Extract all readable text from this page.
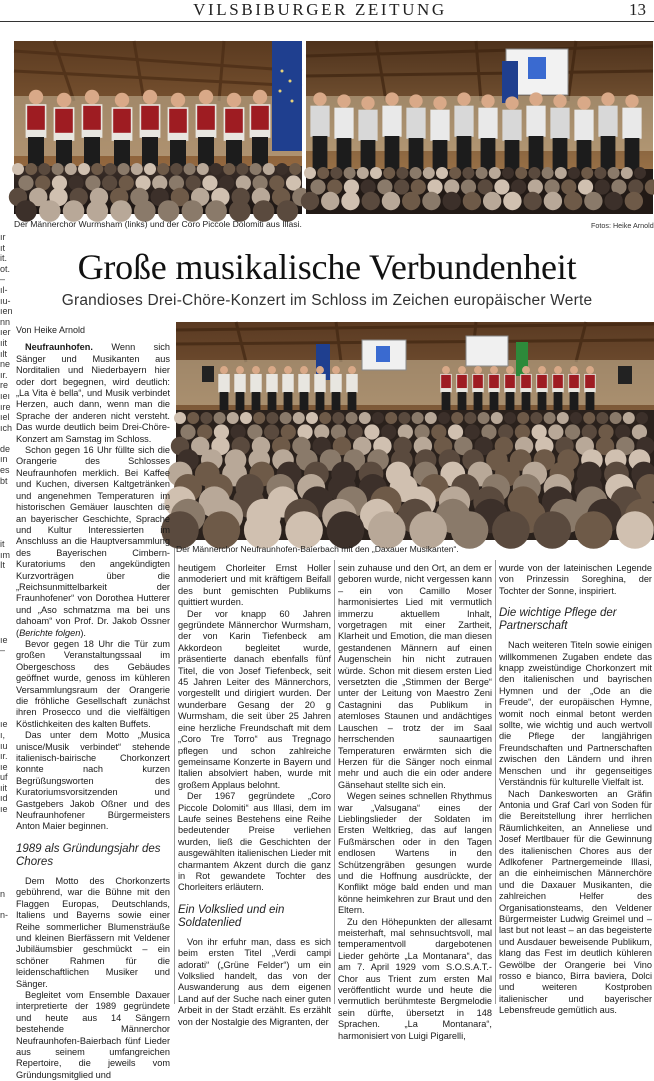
VILSBIBURGER ZEITUNG	13
ır
ıt
it.
ot.
–
ıl-
ıu-
ıen
nn
ıer
ıit
ılt
ne
ır.
re
ıeı
ıre
ıel
ıch

de
ın
es
bt

it
ım
It

ıe
–

ıe
ı,
ıu
ır.
ıe
uf
ıit
ıd
ıe

n

n-

Der Männerchor Wurmsham (links) und der Coro Piccole Dolomiti aus Illasi.	Fotos: Heike Arnold
Große musikalische Verbundenheit
Grandioses Drei-Chöre-Konzert im Schloss im Zeichen europäischer Werte
Der Männerchor Neufraunhofen-Baierbach mit den „Daxauer Musikanten“.

Von Heike Arnold

Neufraunhofen. Wenn sich Sänger und Musikanten aus Norditalien und Niederbayern hier oder dort begegnen, wird deutlich: „La Vita è bella“, und Musik verbindet Herzen, auch dann, wenn man die Sprache der anderen nicht versteht. Das wurde deutlich beim Drei-Chöre-Konzert am Samstag im Schloss.

Schon gegen 16 Uhr füllte sich die Orangerie des Schlosses Neufraunhofen merklich. Bei Kaffee und Kuchen, diversen Kaltgetränken und angenehmen Temperaturen im historischen Gemäuer lauschten die an bayerischer Geschichte, Sprache und Kultur Interessierten im Anschluss an die Hauptversammlung des Bayerischen Cimbern-Kuratoriums den angekündigten Kurzvorträgen über die „Reichsunmittelbarkeit der Fraunhofener“ von Dorothea Hutterer und „Aso schmatzma ma bei uns dahoam“ von Prof. Dr. Jakob Ossner (Berichte folgen).

Bevor gegen 18 Uhr die Tür zum großen Veranstaltungssaal im Obergeschoss des Gebäudes geöffnet wurde, genoss im kühleren Versammlungsraum der Orangerie die fröhliche Gesellschaft zunächst ihren Prosecco und die vielfältigen Köstlichkeiten des kalten Buffets.

Das unter dem Motto „Musica unisce/Musik verbindet“ stehende italienisch-bairische Chorkonzert konnte nach kurzen Begrüßungsworten des Kuratoriumsvorsitzenden und Gastgebers Jakob Oßner und des Neufraunhofener Bürgermeisters Anton Maier beginnen.

1989 als Gründungsjahr des Chores

Dem Motto des Chorkonzerts gebührend, war die Bühne mit den Flaggen Europas, Deutschlands, Italiens und Bayerns sowie einer Reihe sommerlicher Blumensträuße und kleinen Bierfässern mit Veldener Jubiläumsbier geschmückt – ein schöner Rahmen für die leidenschaftlichen Musiker und Sänger.

Begleitet vom Ensemble Daxauer interpretierte der 1989 gegründete und heute aus 14 Sängern bestehende Männerchor Neufraunhofen-Baierbach fünf Lieder aus seinem umfangreichen Repertoire, die jeweils vom Gründungsmitglied und

heutigem Chorleiter Ernst Holler anmoderiert und mit kräftigem Beifall des bunt gemischten Publikums quittiert wurden.

Der vor knapp 60 Jahren gegründete Männerchor Wurmsham, der von Karin Tiefenbeck am Akkordeon begleitet wurde, präsentierte danach ebenfalls fünf Titel, die von Josef Tiefenbeck, seit 45 Jahren Leiter des Männerchors, vorgestellt und dirigiert wurden. Der wunderbare Gesang der 20 g Wurmsham, die seit über 25 Jahren eine herzliche Freundschaft mit dem „Coro Tre Torro“ aus Tregnago pflegen und schon zahlreiche gemeinsame Konzerte in Bayern und Italien absolviert haben, wurde mit großem Applaus belohnt.

Der 1967 gegründete „Coro Piccole Dolomiti“ aus Illasi, dem im Laufe seines Bestehens eine Reihe bedeutender Preise verliehen wurden, ließ die Geschichten der ausgewählten italienischen Lieder mit charmantem Akzent durch die ganz in Rot gewandete Tochter des Chorleiters erläutern.

Ein Volkslied und ein Soldatenlied

Von ihr erfuhr man, dass es sich beim ersten Titel „Verdi campi adorati“ („Grüne Felder“) um ein Volkslied handelt, das von der Auswanderung aus dem eigenen Land auf der Suche nach einer guten Arbeit in der Stadt erzählt. Es erzählt von der Nostalgie des Migranten, der

sein zuhause und den Ort, an dem er geboren wurde, nicht vergessen kann – ein von Camillo Moser harmonisiertes Lied mit vermutlich immerzu aktuellem Inhalt, vorgetragen mit einer Zartheit, Klarheit und Emotion, die man diesen gestandenen Männern auf einen Augenschein hin nicht zutrauen würde. Schon mit diesem ersten Lied versetzten die „Stimmen der Berge“ unter der Leitung von Maestro Zeni Castagnini das Publikum in atemloses Staunen und andächtiges Lauschen – trotz der im Saal herrschenden saunaartigen Temperaturen erwärmten sich die Herzen für die Sänger noch einmal mehr und auch die ein oder andere Gänsehaut stellte sich ein.

Wegen seines schnellen Rhythmus war „Valsugana“ eines der Lieblingslieder der Soldaten im Ersten Weltkrieg, das auf langen Fußmärschen oder in den Tagen endlosen Wartens in den Schützengräben gesungen wurde und die Hoffnung ausdrückte, der Konflikt möge bald enden und man könne heimkehren zur Braut und den Eltern.

Zu den Höhepunkten der allesamt meisterhaft, mal sehnsuchtsvoll, mal temperamentvoll dargebotenen Lieder gehörte „La Montanara“, das am 7. April 1929 vom S.O.S.A.T.-Chor aus Trient zum ersten Mal veröffentlicht wurde und heute die vermutlich berühmteste Bergmelodie sein dürfte, übersetzt in 148 Sprachen. „La Montanara“, harmonisiert von Luigi Pigarelli,

wurde von der lateinischen Legende von Prinzessin Soreghina, der Tochter der Sonne, inspiriert.

Die wichtige Pflege der Partnerschaft

Nach weiteren Titeln sowie einigen willkommenen Zugaben endete das knapp zweistündige Chorkonzert mit den italienischen und bayrischen Hymnen und der „Ode an die Freude“, der europäischen Hymne, womit noch einmal betont werden sollte, wie wichtig und auch wertvoll die Pflege der langjährigen Freundschaften und Partnerschaften zwischen den Ländern und ihren Menschen und ihr gegenseitiges Verständnis für kulturelle Vielfalt ist.

Nach Dankesworten an Gräfin Antonia und Graf Carl von Soden für die Bereitstellung ihrer herrlichen Räumlichkeiten, an Anneliese und Josef Mertlbauer für die Gewinnung des italienischen Chores aus der Adlkofener Partnergemeinde Illasi, an die einheimischen Männerchöre und die Daxauer Musikanten, die zahlreichen Helfer des Organisationsteams, den Veldener Bürgermeister Ludwig Greimel und – last but not least – an das begeisterte und Ausdauer beweisende Publikum, klang das Fest im deutlich kühleren Gewölbe der Orangerie bei Vino rosso e bianco, Birra bavierа, Dolci und weiteren Kostproben italienischer und bayerischer Lebensfreude gemütlich aus.
